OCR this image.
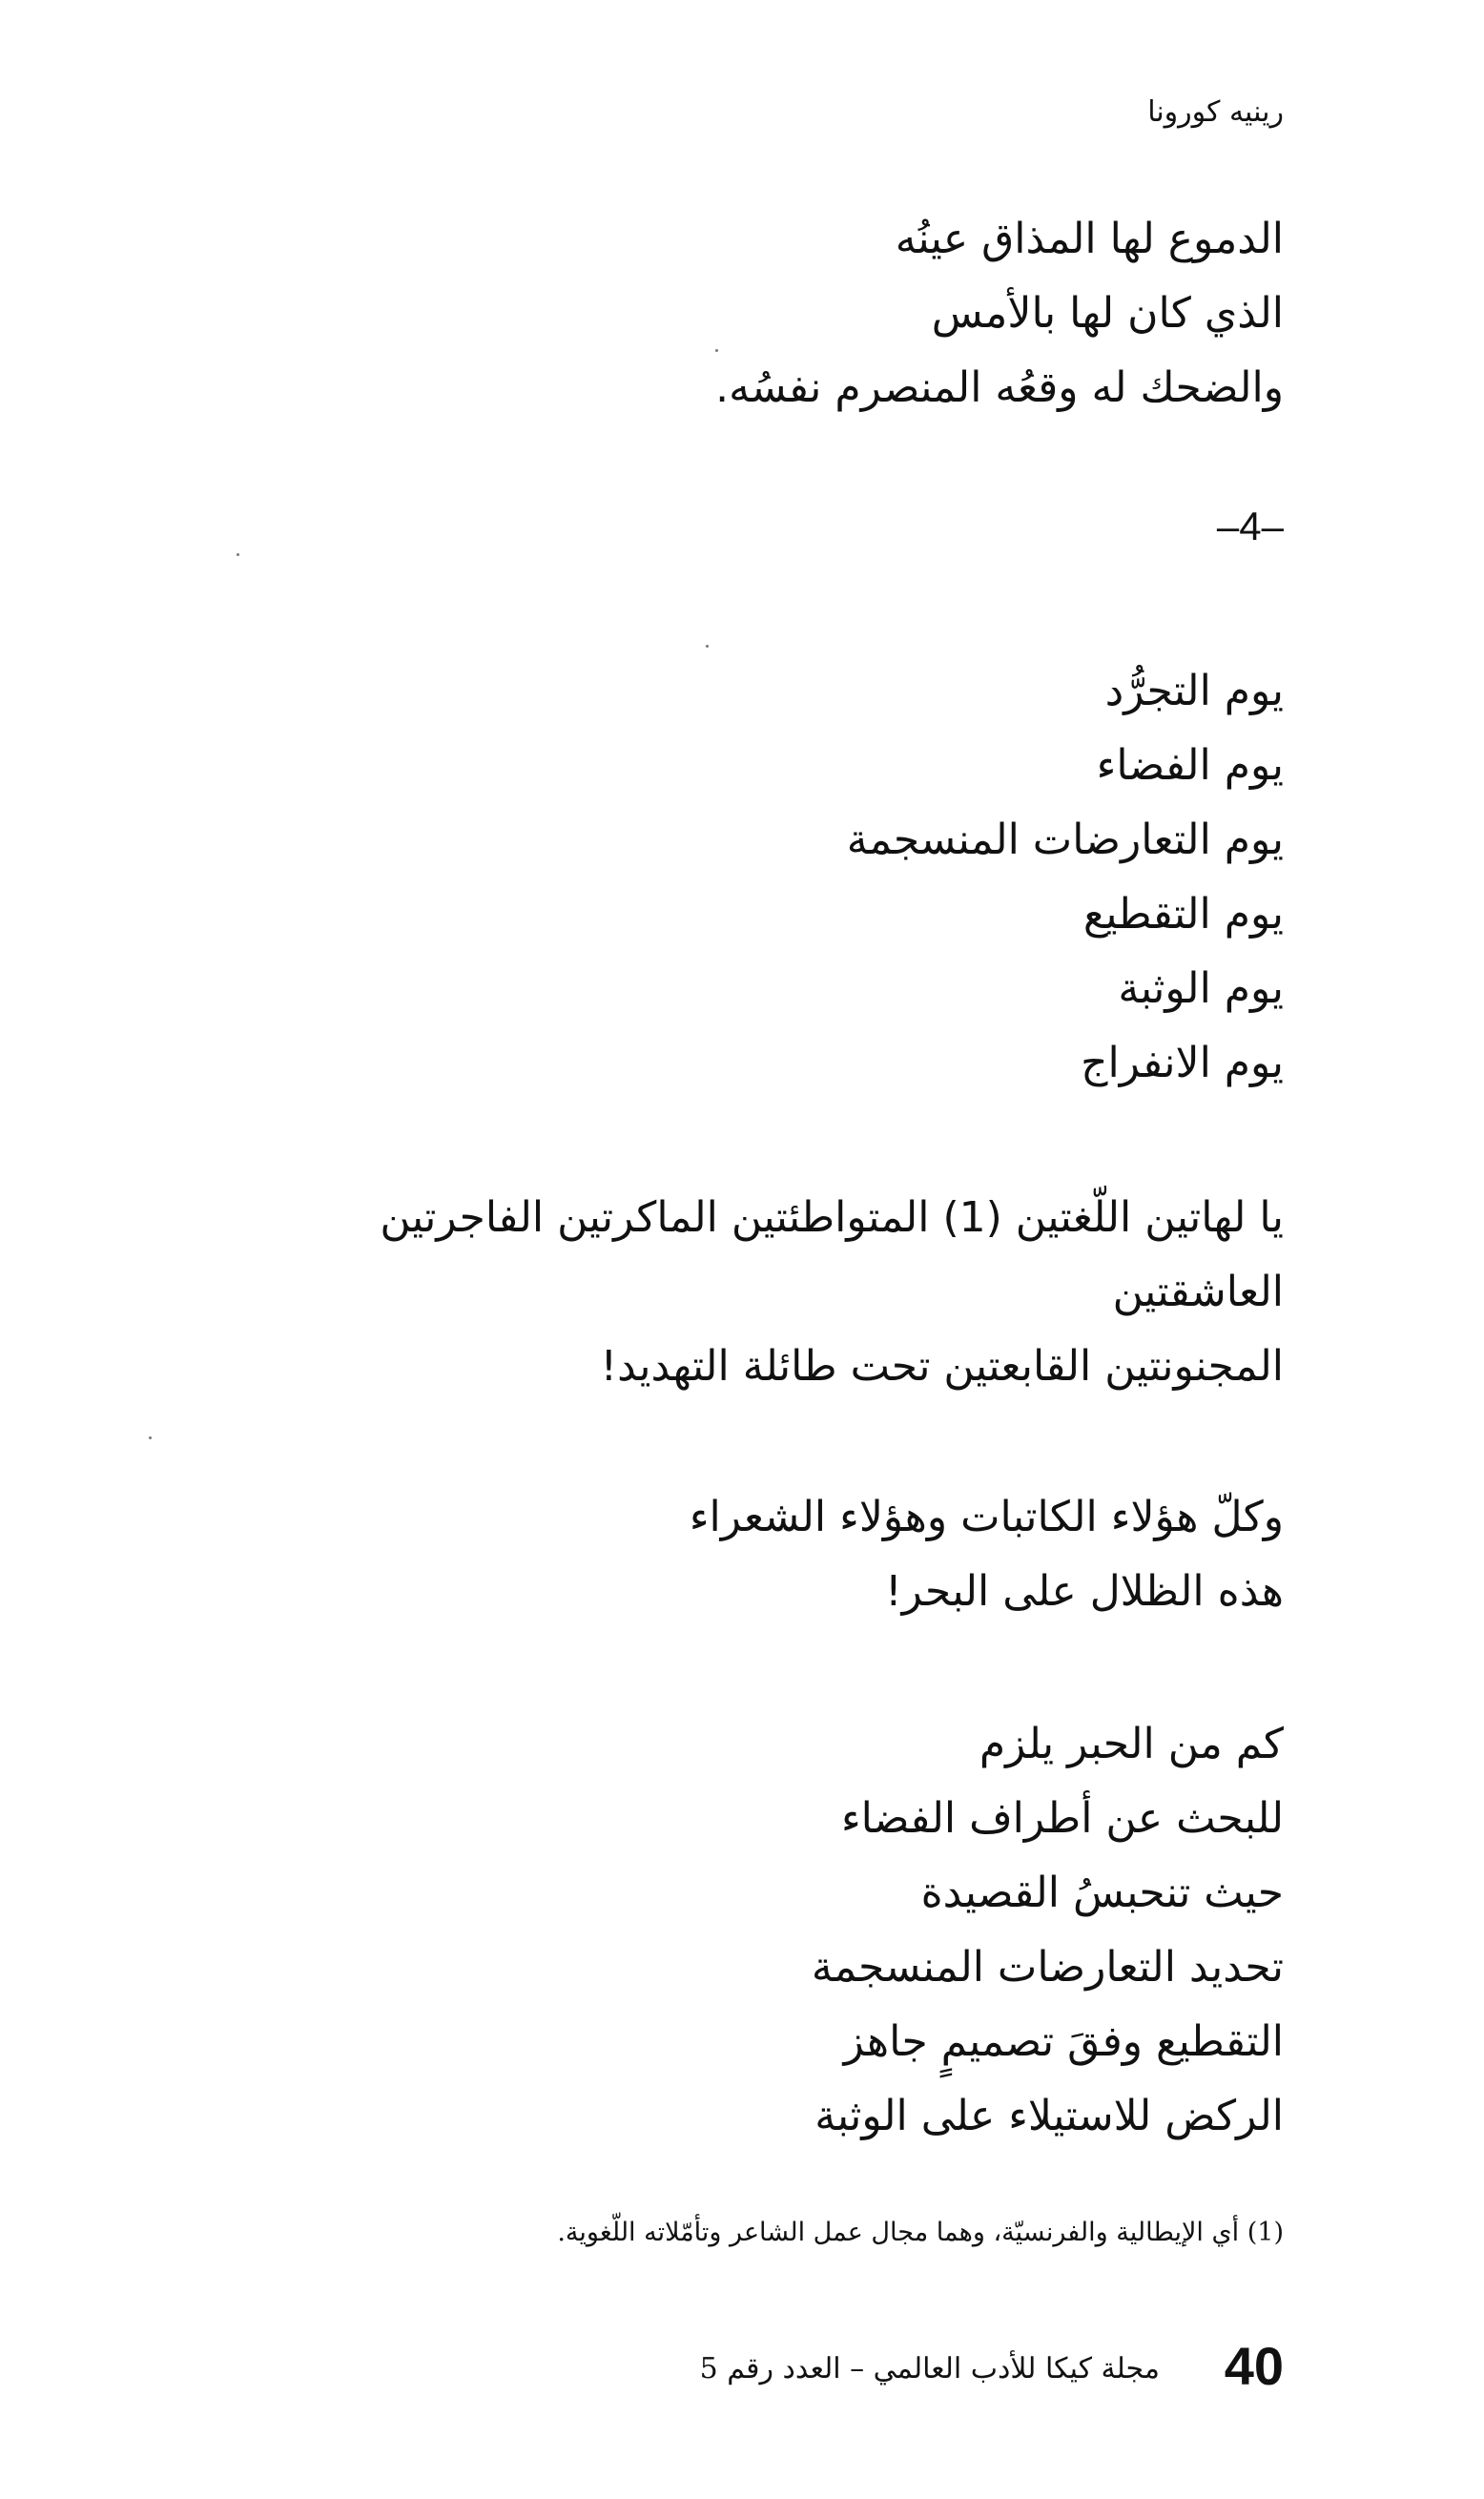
رينيه كورونا
الدموع لها المذاق عينُه
الذي كان لها بالأمس
والضحك له وقعُه المنصرم نفسُه.
–4–
يوم التجرُّد
يوم الفضاء
يوم التعارضات المنسجمة
يوم التقطيع
يوم الوثبة
يوم الانفراج
يا لهاتين اللّغتين (1) المتواطئتين الماكرتين الفاجرتين
العاشقتين
المجنونتين القابعتين تحت طائلة التهديد!
وكلّ هؤلاء الكاتبات وهؤلاء الشعراء
هذه الظلال على البحر!
كم من الحبر يلزم
للبحث عن أطراف الفضاء
حيث تنحبسُ القصيدة
تحديد التعارضات المنسجمة
التقطيع وفقَ تصميمٍ جاهز
الركض للاستيلاء على الوثبة
(1) أي الإيطالية والفرنسيّة، وهما مجال عمل الشاعر وتأمّلاته اللّغوية.
40
مجلة كيكا للأدب العالمي – العدد رقم 5
